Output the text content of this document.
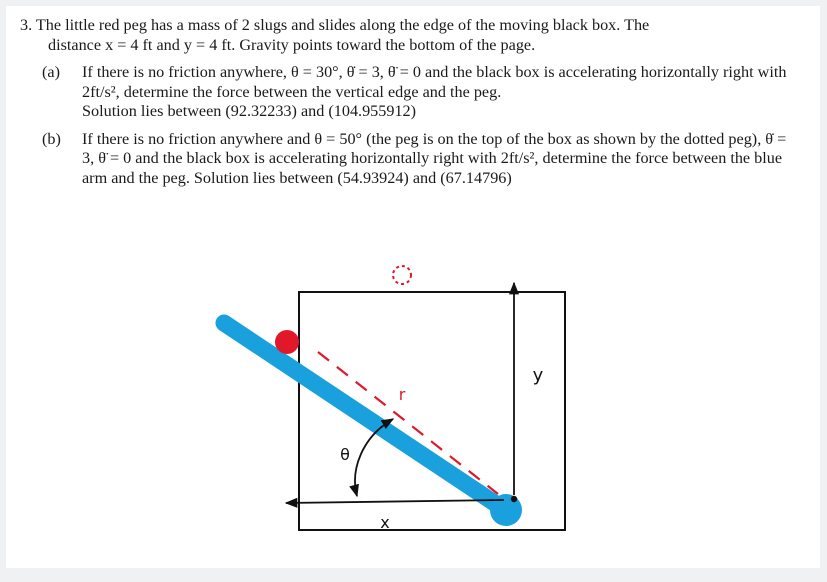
3. The little red peg has a mass of 2 slugs and slides along the edge of the moving black box. The

distance x = 4 ft and y = 4 ft. Gravity points toward the bottom of the page.

(a) If there is no friction anywhere, θ = 30°, θ̇ = 3, θ̈ = 0 and the black box is accelerating horizontally right with 2ft/s², determine the force between the vertical edge and the peg.
Solution lies between (92.32233) and (104.955912)

(b) If there is no friction anywhere and θ = 50° (the peg is on the top of the box as shown by the dotted peg), θ̇ = 3, θ̈ = 0 and the black box is accelerating horizontally right with 2ft/s², determine the force between the blue arm and the peg. Solution lies between (54.93924) and (67.14796)

y
x
θ
r
